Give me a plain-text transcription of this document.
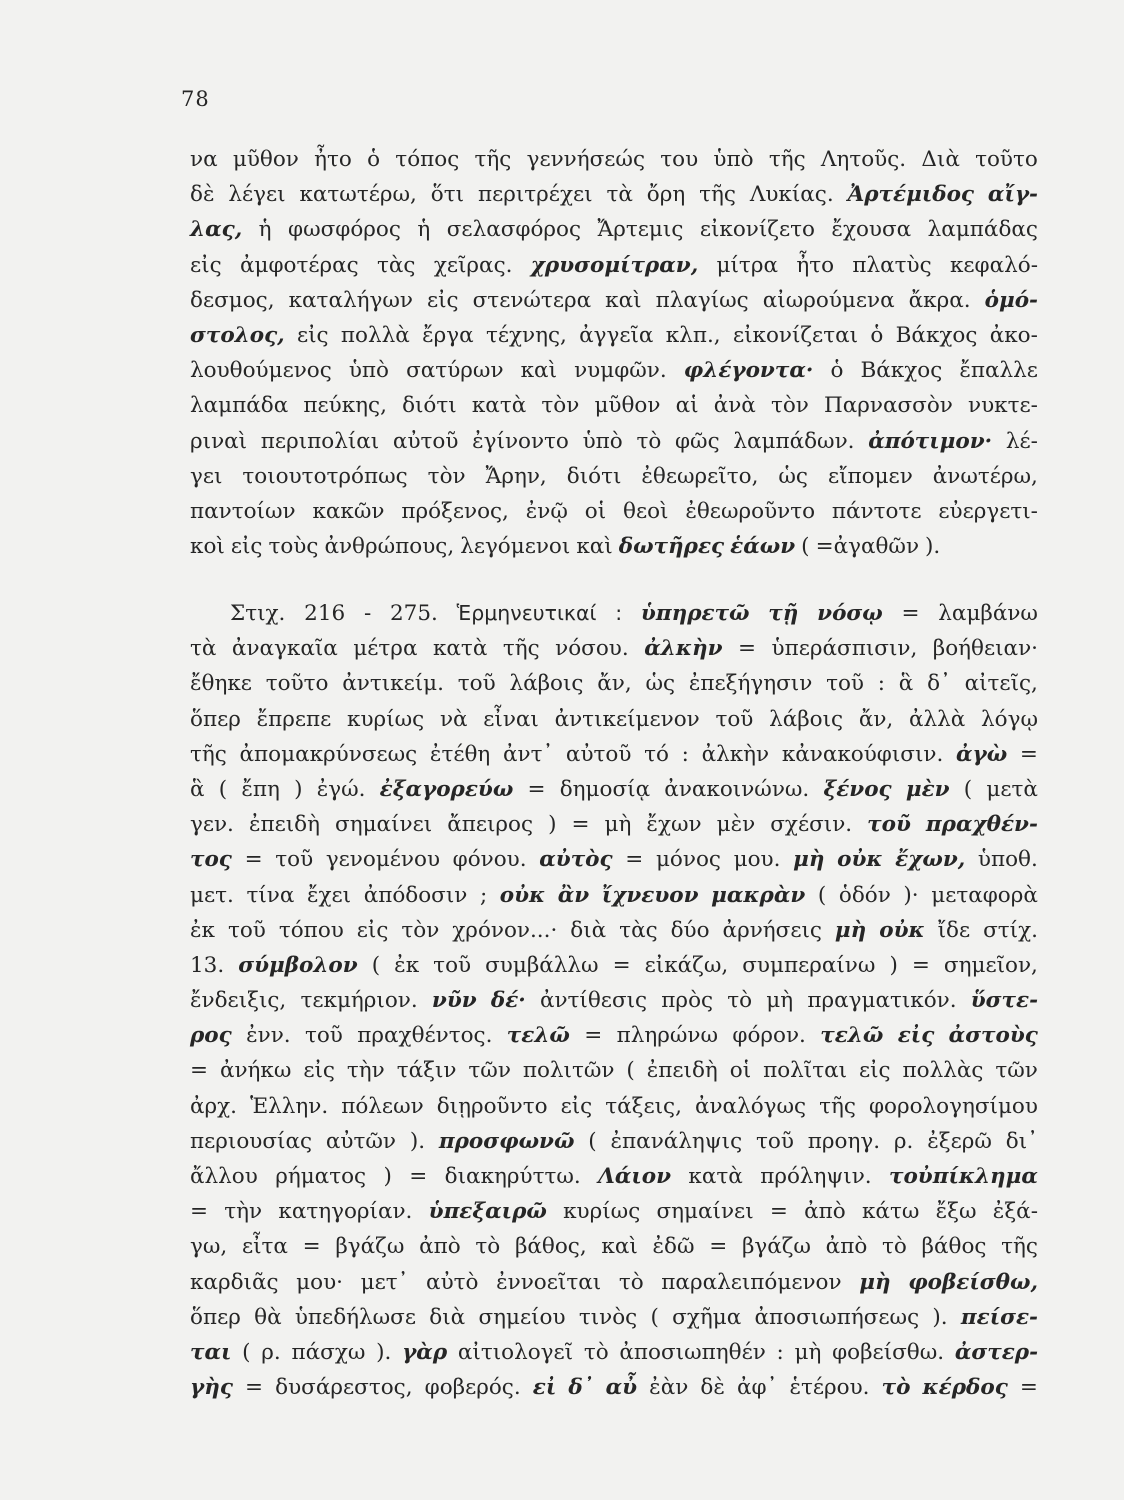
78
να μῦθον ἦτο ὁ τόπος τῆς γεννήσεώς του ὑπὸ τῆς Λητοῦς. Διὰ τοῦτο
δὲ λέγει κατωτέρω, ὅτι περιτρέχει τὰ ὄρη τῆς Λυκίας. Ἀρτέμιδος αἴγ-
λας, ἡ φωσφόρος ἡ σελασφόρος Ἄρτεμις εἰκονίζετο ἔχουσα λαμπάδας
εἰς ἀμφοτέρας τὰς χεῖρας. χρυσομίτραν, μίτρα ἦτο πλατὺς κεφαλό-
δεσμος, καταλήγων εἰς στενώτερα καὶ πλαγίως αἰωρούμενα ἄκρα. ὁμό-
στολος, εἰς πολλὰ ἔργα τέχνης, ἀγγεῖα κλπ., εἰκονίζεται ὁ Βάκχος ἀκο-
λουθούμενος ὑπὸ σατύρων καὶ νυμφῶν. φλέγοντα· ὁ Βάκχος ἔπαλλε
λαμπάδα πεύκης, διότι κατὰ τὸν μῦθον αἱ ἀνὰ τὸν Παρνασσὸν νυκτε-
ριναὶ περιπολίαι αὐτοῦ ἐγίνοντο ὑπὸ τὸ φῶς λαμπάδων. ἀπότιμον· λέ-
γει τοιουτοτρόπως τὸν Ἄρην, διότι ἐθεωρεῖτο, ὡς εἴπομεν ἀνωτέρω,
παντοίων κακῶν πρόξενος, ἐνῷ οἱ θεοὶ ἐθεωροῦντο πάντοτε εὐεργετι-
κοὶ εἰς τοὺς ἀνθρώπους, λεγόμενοι καὶ δωτῆρες ἑάων ( =ἀγαθῶν ).
Στιχ. 216 - 275. Ἑρμηνευτικαί : ὑπηρετῶ τῇ νόσῳ = λαμβάνω
τὰ ἀναγκαῖα μέτρα κατὰ τῆς νόσου. ἀλκὴν = ὑπεράσπισιν, βοήθειαν·
ἔθηκε τοῦτο ἀντικείμ. τοῦ λάβοις ἄν, ὡς ἐπεξήγησιν τοῦ : ἃ δ᾽ αἰτεῖς,
ὅπερ ἔπρεπε κυρίως νὰ εἶναι ἀντικείμενον τοῦ λάβοις ἄν, ἀλλὰ λόγῳ
τῆς ἀπομακρύνσεως ἐτέθη ἀντ᾽ αὐτοῦ τό : ἀλκὴν κἀνακούφισιν. ἀγὼ =
ἃ ( ἔπη ) ἐγώ. ἐξαγορεύω = δημοσίᾳ ἀνακοινώνω. ξένος μὲν ( μετὰ
γεν. ἐπειδὴ σημαίνει ἄπειρος ) = μὴ ἔχων μὲν σχέσιν. τοῦ πραχθέν-
τος = τοῦ γενομένου φόνου. αὐτὸς = μόνος μου. μὴ οὐκ ἔχων, ὑποθ.
μετ. τίνα ἔχει ἀπόδοσιν ; οὐκ ἂν ἴχνευον μακρὰν ( ὁδόν )· μεταφορὰ
ἐκ τοῦ τόπου εἰς τὸν χρόνον...· διὰ τὰς δύο ἀρνήσεις μὴ οὐκ ἴδε στίχ.
13. σύμβολον ( ἐκ τοῦ συμβάλλω = εἰκάζω, συμπεραίνω ) = σημεῖον,
ἔνδειξις, τεκμήριον. νῦν δέ· ἀντίθεσις πρὸς τὸ μὴ πραγματικόν. ὕστε-
ρος ἐνν. τοῦ πραχθέντος. τελῶ = πληρώνω φόρον. τελῶ εἰς ἀστοὺς
= ἀνήκω εἰς τὴν τάξιν τῶν πολιτῶν ( ἐπειδὴ οἱ πολῖται εἰς πολλὰς τῶν
ἀρχ. Ἑλλην. πόλεων διῃροῦντο εἰς τάξεις, ἀναλόγως τῆς φορολογησίμου
περιουσίας αὐτῶν ). προσφωνῶ ( ἐπανάληψις τοῦ προηγ. ρ. ἐξερῶ δι᾽
ἄλλου ρήματος ) = διακηρύττω. Λάιον κατὰ πρόληψιν. τοὐπίκλημα
= τὴν κατηγορίαν. ὑπεξαιρῶ κυρίως σημαίνει = ἀπὸ κάτω ἔξω ἐξά-
γω, εἶτα = βγάζω ἀπὸ τὸ βάθος, καὶ ἐδῶ = βγάζω ἀπὸ τὸ βάθος τῆς
καρδιᾶς μου· μετ᾽ αὐτὸ ἐννοεῖται τὸ παραλειπόμενον μὴ φοβείσθω,
ὅπερ θὰ ὑπεδήλωσε διὰ σημείου τινὸς ( σχῆμα ἀποσιωπήσεως ). πείσε-
ται ( ρ. πάσχω ). γὰρ αἰτιολογεῖ τὸ ἀποσιωπηθέν : μὴ φοβείσθω. ἀστερ-
γὴς = δυσάρεστος, φοβερός. εἰ δ᾽ αὖ ἐὰν δὲ ἀφ᾽ ἑτέρου. τὸ κέρδος =
